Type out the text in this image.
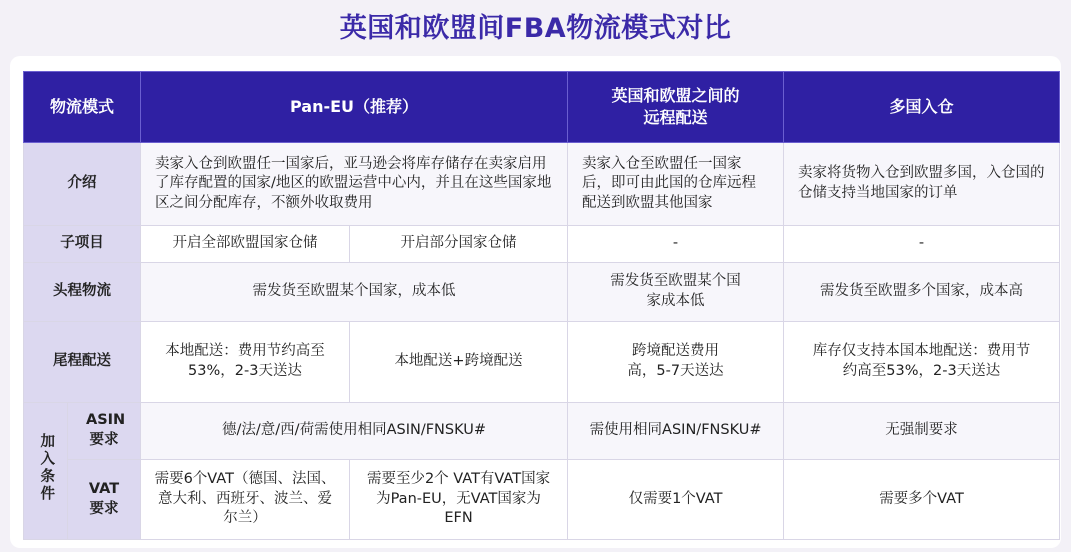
英国和欧盟间FBA物流模式对比
物流模式		Pan-EU（推荐）		英国和欧盟之间的远程配送	多国入仓
介绍		卖家入仓到欧盟任一国家后，亚马逊会将库存储存在卖家启用了库存配置的国家/地区的欧盟运营中心内，并且在这些国家地区之间分配库存，不额外收取费用		卖家入仓至欧盟任一国家后，即可由此国的仓库远程配送到欧盟其他国家	卖家将货物入仓到欧盟多国，入仓国的仓储支持当地国家的订单
子项目		开启全部欧盟国家仓储	开启部分国家仓储	-	-
头程物流		需发货至欧盟某个国家，成本低		需发货至欧盟某个国家成本低	需发货至欧盟多个国家，成本高
尾程配送		本地配送：费用节约高至53%，2-3天送达	本地配送+跨境配送	跨境配送费用高，5-7天送达	库存仅支持本国本地配送：费用节约高至53%，2-3天送达
加入条件	ASIN要求	德/法/意/西/荷需使用相同ASIN/FNSKU#		需使用相同ASIN/FNSKU#	无强制要求
	VAT要求	需要6个VAT（德国、法国、意大利、西班牙、波兰、爱尔兰）	需要至少2个 VAT有VAT国家为Pan-EU，无VAT国家为EFN	仅需要1个VAT	需要多个VAT
